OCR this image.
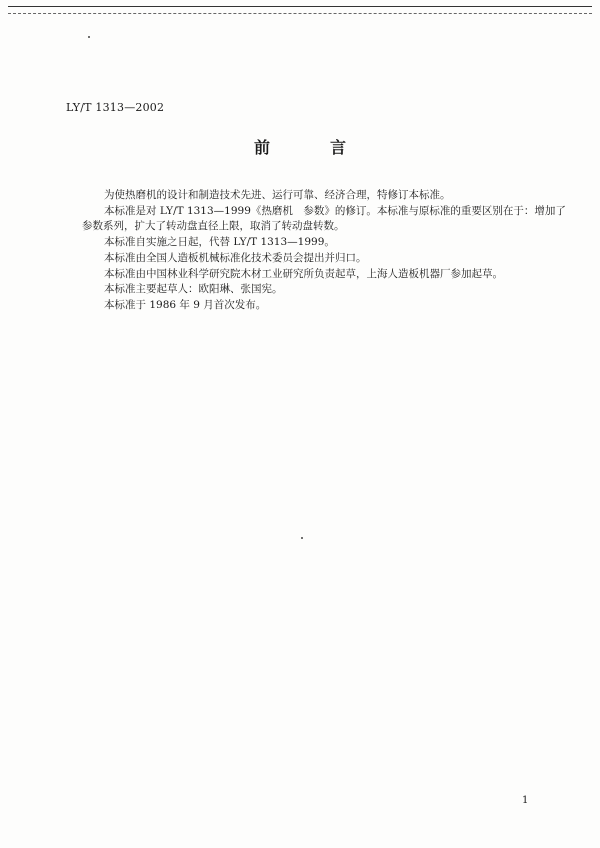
LY/T 1313—2002
前　言

为使热磨机的设计和制造技术先进、运行可靠、经济合理，特修订本标准。

本标准是对 LY/T 1313—1999《热磨机　参数》的修订。本标准与原标准的重要区别在于：增加了

参数系列，扩大了转动盘直径上限，取消了转动盘转数。

本标准自实施之日起，代替 LY/T 1313—1999。

本标准由全国人造板机械标准化技术委员会提出并归口。

本标准由中国林业科学研究院木材工业研究所负责起草，上海人造板机器厂参加起草。

本标准主要起草人：欧阳琳、张国宪。

本标准于 1986 年 9 月首次发布。

1
